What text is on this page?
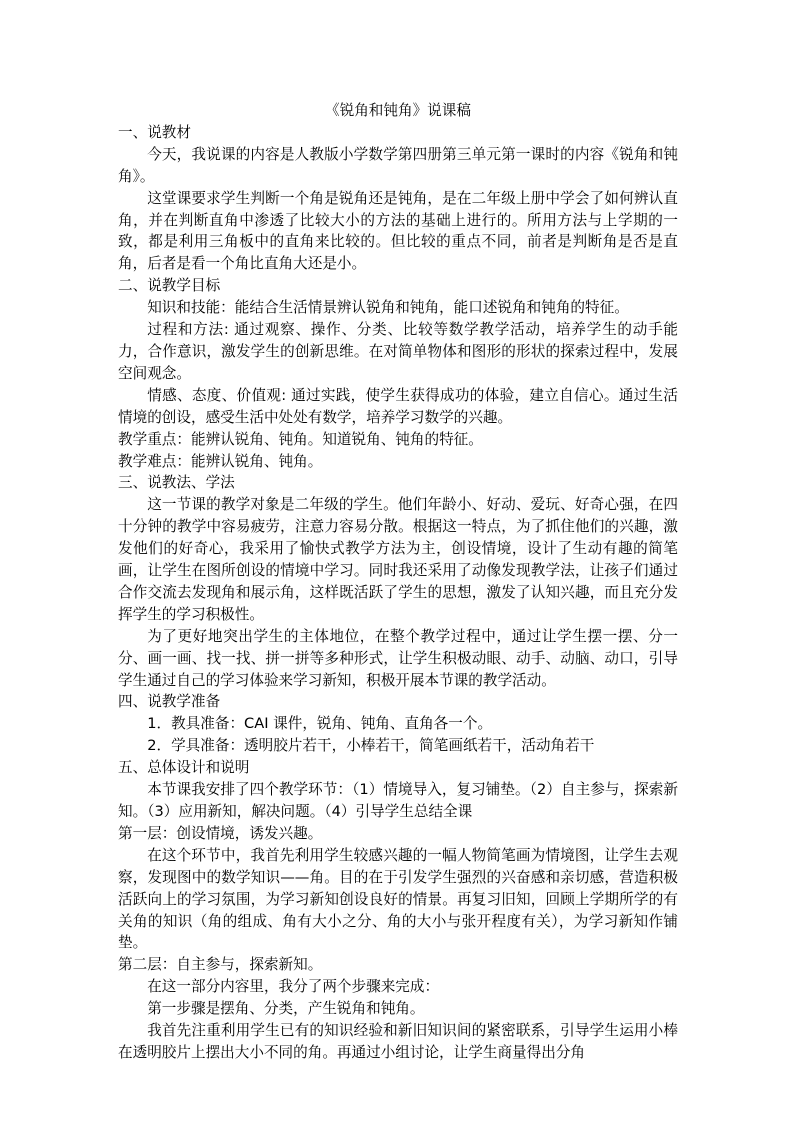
《锐角和钝角》说课稿

一、说教材

今天，我说课的内容是人教版小学数学第四册第三单元第一课时的内容《锐角和钝角》。

这堂课要求学生判断一个角是锐角还是钝角，是在二年级上册中学会了如何辨认直角，并在判断直角中渗透了比较大小的方法的基础上进行的。所用方法与上学期的一致，都是利用三角板中的直角来比较的。但比较的重点不同，前者是判断角是否是直角，后者是看一个角比直角大还是小。

二、说教学目标

知识和技能：能结合生活情景辨认锐角和钝角，能口述锐角和钝角的特征。

过程和方法: 通过观察、操作、分类、比较等数学教学活动，培养学生的动手能力，合作意识，激发学生的创新思维。在对简单物体和图形的形状的探索过程中，发展空间观念。

情感、态度、价值观: 通过实践，使学生获得成功的体验，建立自信心。通过生活情境的创设，感受生活中处处有数学，培养学习数学的兴趣。

教学重点：能辨认锐角、钝角。知道锐角、钝角的特征。

教学难点：能辨认锐角、钝角。

三、说教法、学法

这一节课的教学对象是二年级的学生。他们年龄小、好动、爱玩、好奇心强，在四十分钟的教学中容易疲劳，注意力容易分散。根据这一特点，为了抓住他们的兴趣，激发他们的好奇心，我采用了愉快式教学方法为主，创设情境，设计了生动有趣的简笔画，让学生在图所创设的情境中学习。同时我还采用了动像发现教学法，让孩子们通过合作交流去发现角和展示角，这样既活跃了学生的思想，激发了认知兴趣，而且充分发挥学生的学习积极性。

为了更好地突出学生的主体地位，在整个教学过程中，通过让学生摆一摆、分一分、画一画、找一找、拼一拼等多种形式，让学生积极动眼、动手、动脑、动口，引导学生通过自己的学习体验来学习新知，积极开展本节课的教学活动。

四、说教学准备

1．教具准备：CAI 课件，锐角、钝角、直角各一个。

2．学具准备：透明胶片若干，小棒若干，简笔画纸若干，活动角若干

五、总体设计和说明

本节课我安排了四个教学环节：（1）情境导入，复习铺垫。（2）自主参与，探索新知。（3）应用新知，解决问题。（4）引导学生总结全课

第一层：创设情境，诱发兴趣。

在这个环节中，我首先利用学生较感兴趣的一幅人物简笔画为情境图，让学生去观察，发现图中的数学知识——角。目的在于引发学生强烈的兴奋感和亲切感，营造积极活跃向上的学习氛围，为学习新知创设良好的情景。再复习旧知，回顾上学期所学的有关角的知识（角的组成、角有大小之分、角的大小与张开程度有关），为学习新知作铺垫。

第二层：自主参与，探索新知。

在这一部分内容里，我分了两个步骤来完成：

第一步骤是摆角、分类，产生锐角和钝角。

我首先注重利用学生已有的知识经验和新旧知识间的紧密联系，引导学生运用小棒在透明胶片上摆出大小不同的角。再通过小组讨论，让学生商量得出分角
